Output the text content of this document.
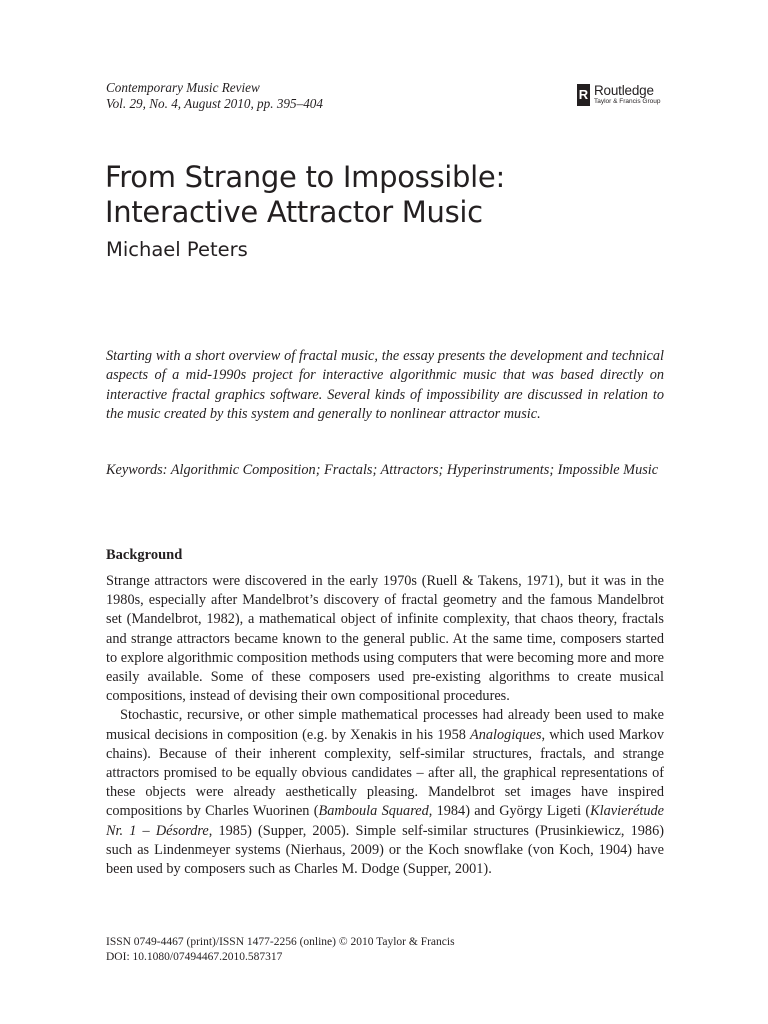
Contemporary Music Review
Vol. 29, No. 4, August 2010, pp. 395–404
R Routledge
Taylor & Francis Group
From Strange to Impossible:
Interactive Attractor Music
Michael Peters
Starting with a short overview of fractal music, the essay presents the development and technical aspects of a mid-1990s project for interactive algorithmic music that was based directly on interactive fractal graphics software. Several kinds of impossibility are discussed in relation to the music created by this system and generally to nonlinear attractor music.
Keywords: Algorithmic Composition; Fractals; Attractors; Hyperinstruments; Impossible Music
Background

Strange attractors were discovered in the early 1970s (Ruell & Takens, 1971), but it was in the 1980s, especially after Mandelbrot’s discovery of fractal geometry and the famous Mandelbrot set (Mandelbrot, 1982), a mathematical object of infinite complexity, that chaos theory, fractals and strange attractors became known to the general public. At the same time, composers started to explore algorithmic composition methods using computers that were becoming more and more easily available. Some of these composers used pre-existing algorithms to create musical compositions, instead of devising their own compositional procedures.

Stochastic, recursive, or other simple mathematical processes had already been used to make musical decisions in composition (e.g. by Xenakis in his 1958 Analogiques, which used Markov chains). Because of their inherent complexity, self-similar structures, fractals, and strange attractors promised to be equally obvious candidates – after all, the graphical representations of these objects were already aesthetically pleasing. Mandelbrot set images have inspired compositions by Charles Wuorinen (Bamboula Squared, 1984) and György Ligeti (Klavierétude Nr. 1 – Désordre, 1985) (Supper, 2005). Simple self-similar structures (Prusinkiewicz, 1986) such as Lindenmeyer systems (Nierhaus, 2009) or the Koch snowflake (von Koch, 1904) have been used by composers such as Charles M. Dodge (Supper, 2001).

ISSN 0749-4467 (print)/ISSN 1477-2256 (online) © 2010 Taylor & Francis
DOI: 10.1080/07494467.2010.587317
